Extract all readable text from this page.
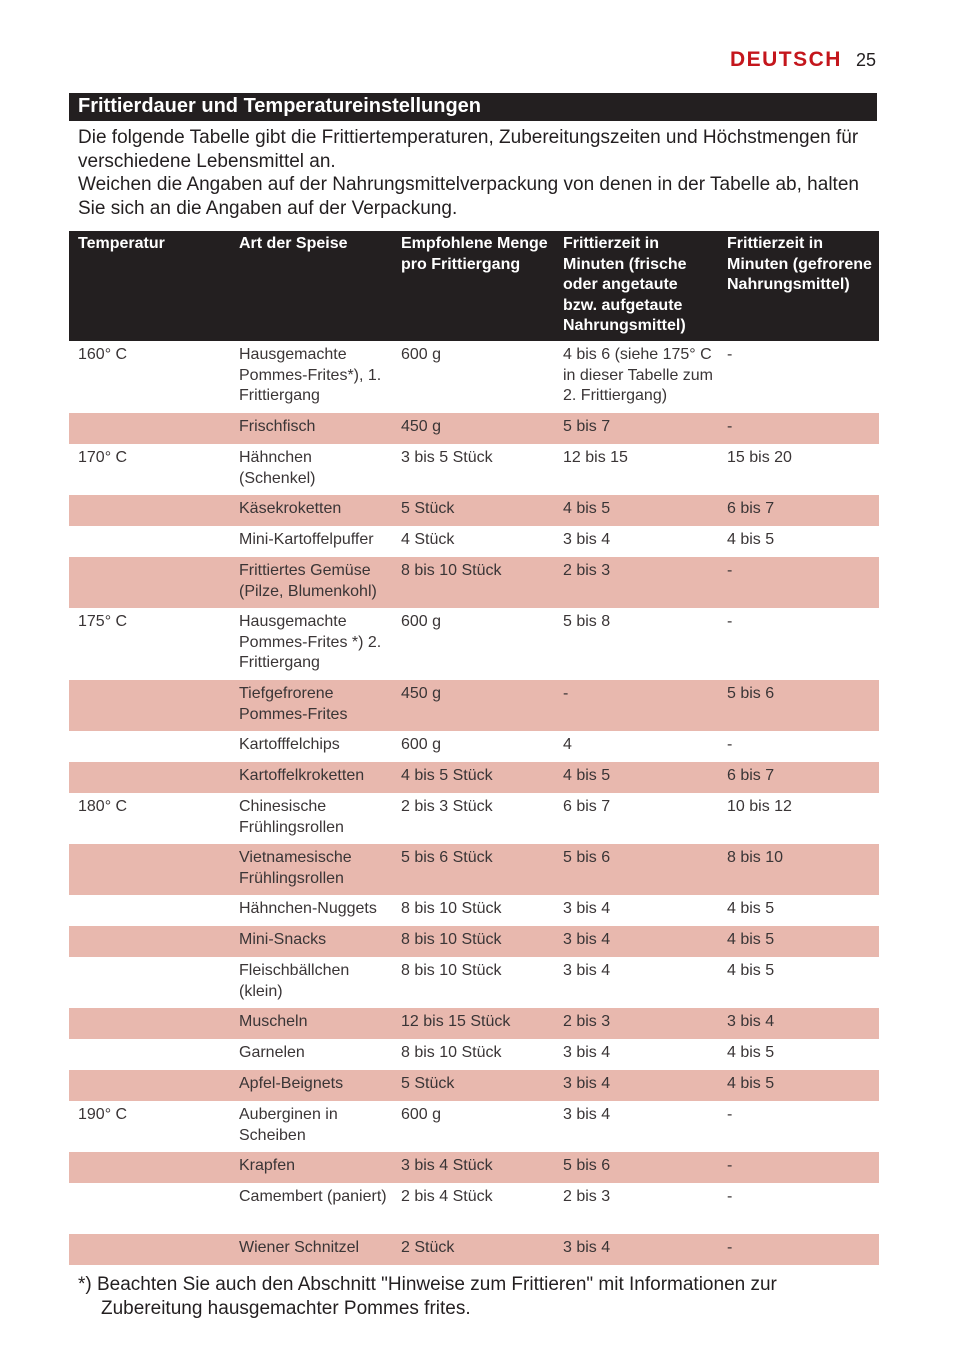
DEUTSCH 25
Frittierdauer und Temperatureinstellungen

Die folgende Tabelle gibt die Frittiertemperaturen, Zubereitungszeiten und Höchstmengen für verschiedene Lebensmittel an.

Weichen die Angaben auf der Nahrungsmittelverpackung von denen in der Tabelle ab, halten Sie sich an die Angaben auf der Verpackung.

Temperatur	Art der Speise	Empfohlene Menge pro Frittiergang	Frittierzeit in Minuten (frische oder angetaute bzw. aufgetaute Nahrungsmittel)	Frittierzeit in Minuten (gefrorene Nahrungsmittel)
160° C	Hausgemachte Pommes-Frites*), 1. Frittiergang	600 g	4 bis 6 (siehe 175° C in dieser Tabelle zum 2. Frittiergang)	-
	Frischfisch	450 g	5 bis 7	-
170° C	Hähnchen (Schenkel)	3 bis 5 Stück	12 bis 15	15 bis 20
	Käsekroketten	5 Stück	4 bis 5	6 bis 7
	Mini-Kartoffelpuffer	4 Stück	3 bis 4	4 bis 5
	Frittiertes Gemüse (Pilze, Blumenkohl)	8 bis 10 Stück	2 bis 3	-
175° C	Hausgemachte Pommes-Frites *) 2. Frittiergang	600 g	5 bis 8	-
	Tiefgefrorene Pommes-Frites	450 g	-	5 bis 6
	Kartofffelchips	600 g	4	-
	Kartoffelkroketten	4 bis 5 Stück	4 bis 5	6 bis 7
180° C	Chinesische Frühlingsrollen	2 bis 3 Stück	6 bis 7	10 bis 12
	Vietnamesische Frühlingsrollen	5 bis 6 Stück	5 bis 6	8 bis 10
	Hähnchen-Nuggets	8 bis 10 Stück	3 bis 4	4 bis 5
	Mini-Snacks	8 bis 10 Stück	3 bis 4	4 bis 5
	Fleischbällchen (klein)	8 bis 10 Stück	3 bis 4	4 bis 5
	Muscheln	12 bis 15 Stück	2 bis 3	3 bis 4
	Garnelen	8 bis 10 Stück	3 bis 4	4 bis 5
	Apfel-Beignets	5 Stück	3 bis 4	4 bis 5
190° C	Auberginen in Scheiben	600 g	3 bis 4	-
	Krapfen	3 bis 4 Stück	5 bis 6	-
	Camembert (paniert)	2 bis 4 Stück	2 bis 3	-
	Wiener Schnitzel	2 Stück	3 bis 4	-
*) Beachten Sie auch den Abschnitt "Hinweise zum Frittieren" mit Informationen zur Zubereitung hausgemachter Pommes frites.
